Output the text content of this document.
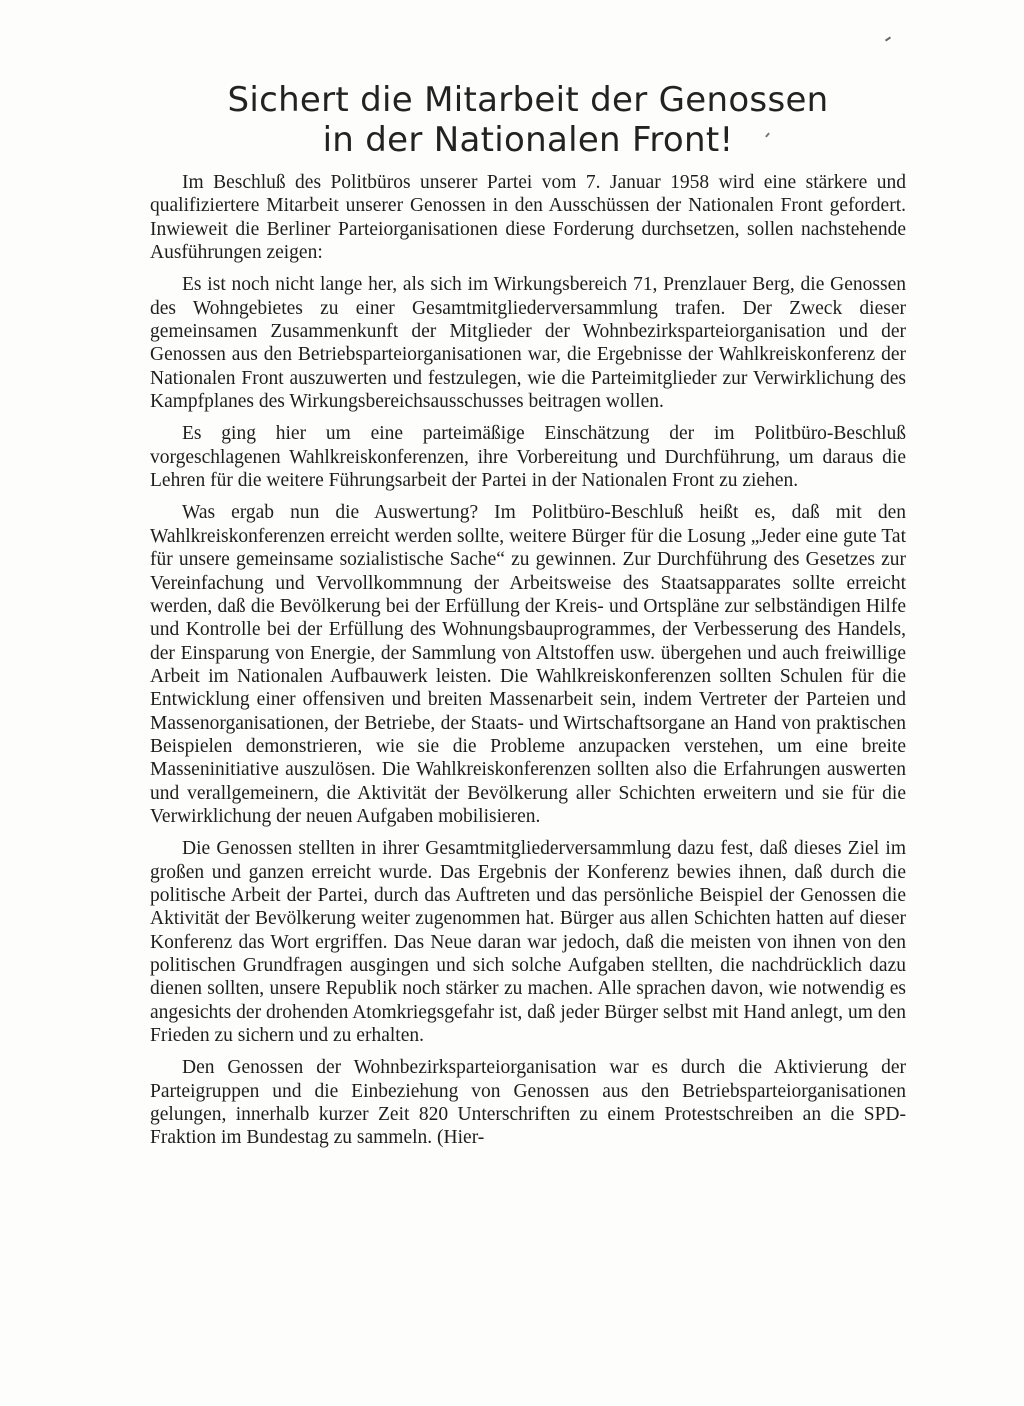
Sichert die Mitarbeit der Genossen
in der Nationalen Front!

Im Beschluß des Politbüros unserer Partei vom 7. Januar 1958 wird eine stärkere und qualifiziertere Mitarbeit unserer Genossen in den Ausschüssen der Nationalen Front gefordert. Inwieweit die Berliner Parteiorganisationen diese Forderung durchsetzen, sollen nachstehende Ausführungen zeigen:

Es ist noch nicht lange her, als sich im Wirkungsbereich 71, Prenzlauer Berg, die Genossen des Wohngebietes zu einer Gesamtmitgliederversammlung trafen. Der Zweck dieser gemeinsamen Zusammenkunft der Mitglieder der Wohnbezirksparteiorganisation und der Genossen aus den Betriebsparteiorganisationen war, die Ergebnisse der Wahlkreiskonferenz der Nationalen Front auszuwerten und festzulegen, wie die Parteimitglieder zur Verwirklichung des Kampfplanes des Wirkungsbereichsausschusses beitragen wollen.

Es ging hier um eine parteimäßige Einschätzung der im Politbüro-Beschluß vorgeschlagenen Wahlkreiskonferenzen, ihre Vorbereitung und Durchführung, um daraus die Lehren für die weitere Führungsarbeit der Partei in der Nationalen Front zu ziehen.

Was ergab nun die Auswertung? Im Politbüro-Beschluß heißt es, daß mit den Wahlkreiskonferenzen erreicht werden sollte, weitere Bürger für die Losung „Jeder eine gute Tat für unsere gemeinsame sozialistische Sache“ zu gewinnen. Zur Durchführung des Gesetzes zur Vereinfachung und Vervollkommnung der Arbeitsweise des Staatsapparates sollte erreicht werden, daß die Bevölkerung bei der Erfüllung der Kreis- und Ortspläne zur selbständigen Hilfe und Kontrolle bei der Erfüllung des Wohnungsbauprogrammes, der Verbesserung des Handels, der Einsparung von Energie, der Sammlung von Altstoffen usw. übergehen und auch freiwillige Arbeit im Nationalen Aufbauwerk leisten. Die Wahlkreiskonferenzen sollten Schulen für die Entwicklung einer offensiven und breiten Massenarbeit sein, indem Vertreter der Parteien und Massenorganisationen, der Betriebe, der Staats- und Wirtschaftsorgane an Hand von praktischen Beispielen demonstrieren, wie sie die Probleme anzupacken verstehen, um eine breite Masseninitiative auszulösen. Die Wahlkreiskonferenzen sollten also die Erfahrungen auswerten und verallgemeinern, die Aktivität der Bevölkerung aller Schichten erweitern und sie für die Verwirklichung der neuen Aufgaben mobilisieren.

Die Genossen stellten in ihrer Gesamtmitgliederversammlung dazu fest, daß dieses Ziel im großen und ganzen erreicht wurde. Das Ergebnis der Konferenz bewies ihnen, daß durch die politische Arbeit der Partei, durch das Auftreten und das persönliche Beispiel der Genossen die Aktivität der Bevölkerung weiter zugenommen hat. Bürger aus allen Schichten hatten auf dieser Konferenz das Wort ergriffen. Das Neue daran war jedoch, daß die meisten von ihnen von den politischen Grundfragen ausgingen und sich solche Aufgaben stellten, die nachdrücklich dazu dienen sollten, unsere Republik noch stärker zu machen. Alle sprachen davon, wie notwendig es angesichts der drohenden Atomkriegsgefahr ist, daß jeder Bürger selbst mit Hand anlegt, um den Frieden zu sichern und zu erhalten.

Den Genossen der Wohnbezirksparteiorganisation war es durch die Aktivierung der Parteigruppen und die Einbeziehung von Genossen aus den Betriebsparteiorganisationen gelungen, innerhalb kurzer Zeit 820 Unterschriften zu einem Protestschreiben an die SPD-Fraktion im Bundestag zu sammeln. (Hier-
